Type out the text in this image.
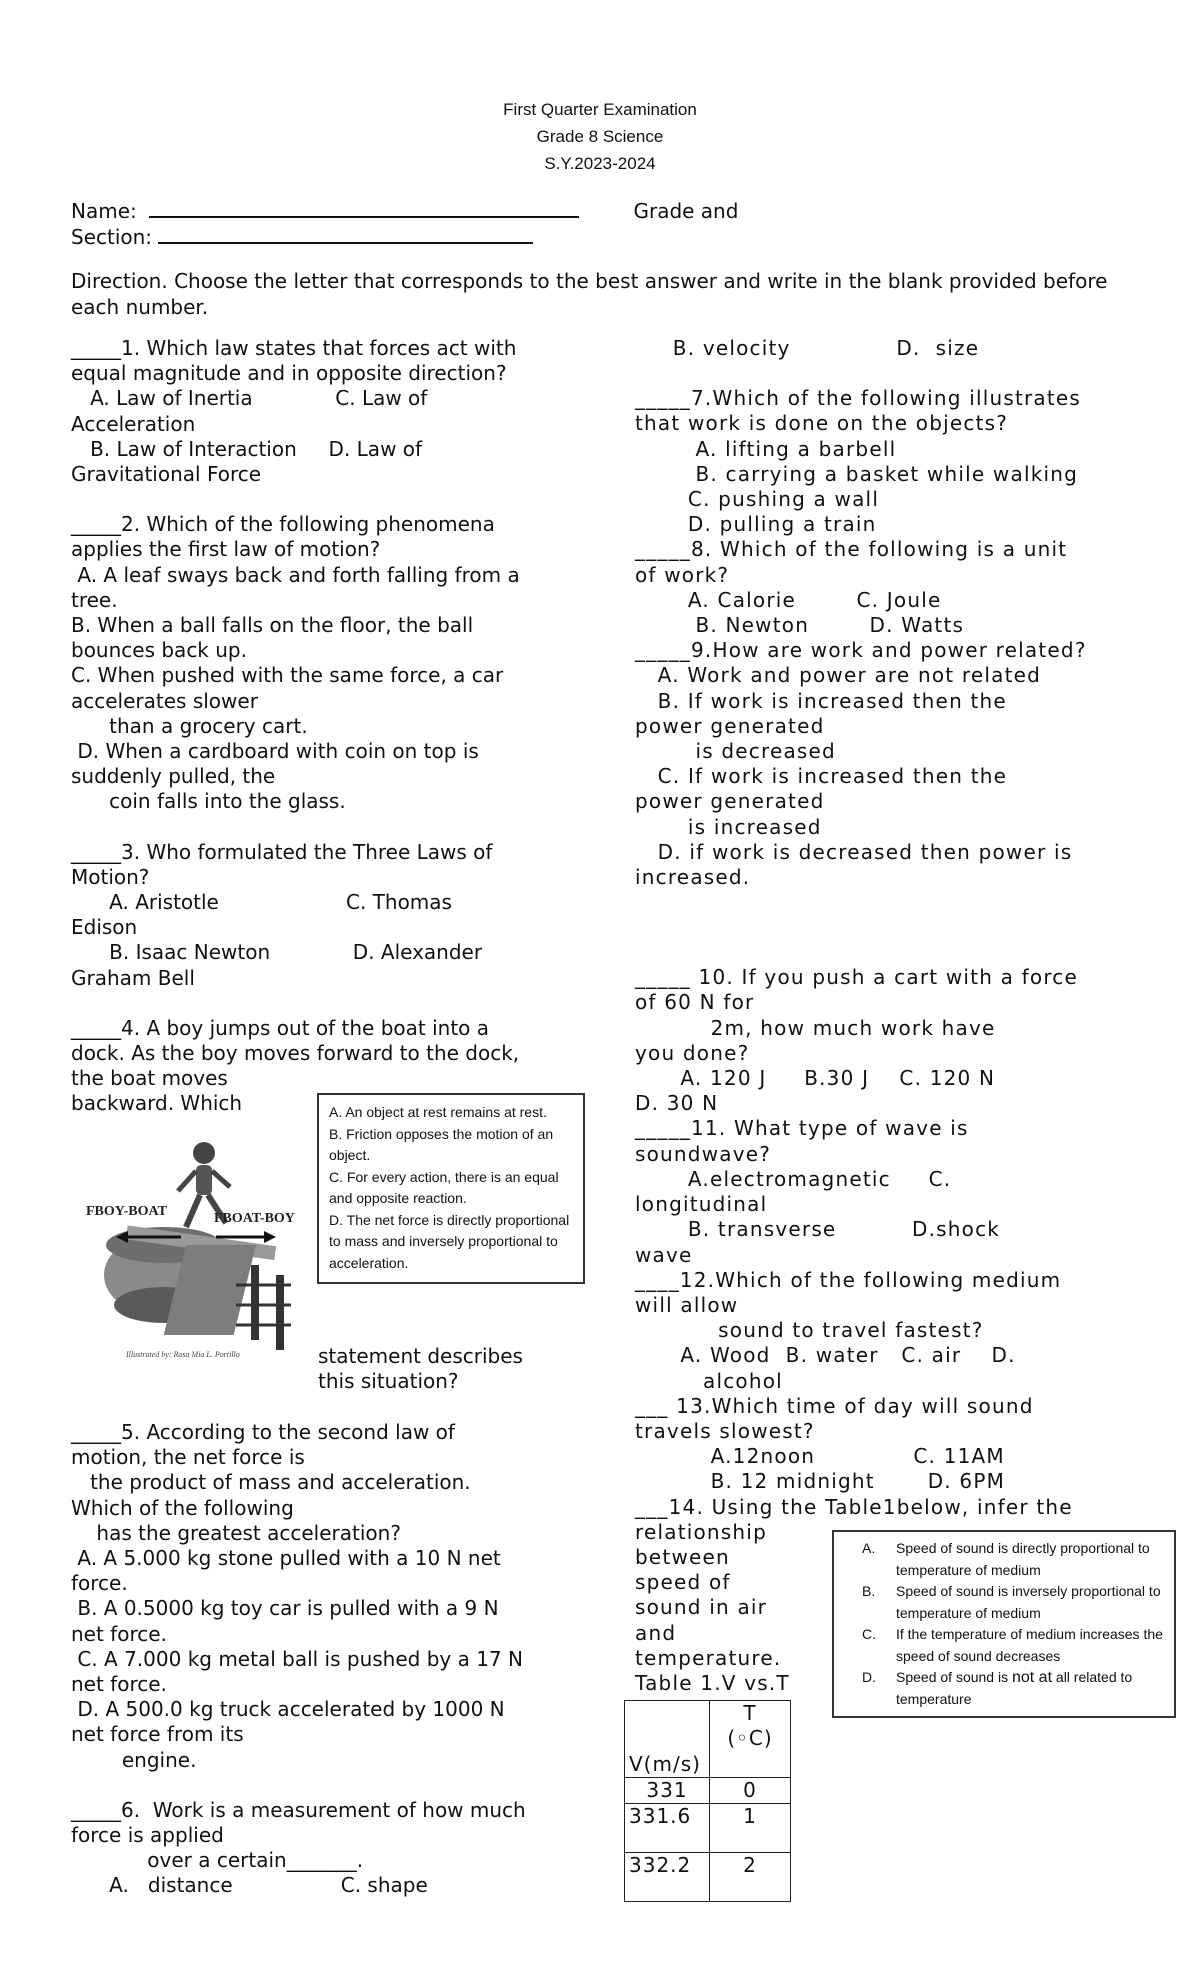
First Quarter Examination
Grade 8 Science
S.Y.2023-2024
Name:	Grade and
Section:
Direction. Choose the letter that corresponds to the best answer and write in the blank provided before each number.
_____1. Which law states that forces act with
equal magnitude and in opposite direction?
A. Law of Inertia             C. Law of
Acceleration
B. Law of Interaction     D. Law of
Gravitational Force
_____2. Which of the following phenomena
applies the first law of motion?
A. A leaf sways back and forth falling from a
tree.
B. When a ball falls on the floor, the ball
bounces back up.
C. When pushed with the same force, a car
accelerates slower
than a grocery cart.
D. When a cardboard with coin on top is
suddenly pulled, the
coin falls into the glass.
_____3. Who formulated the Three Laws of
Motion?
A. Aristotle                    C. Thomas
Edison
B. Isaac Newton             D. Alexander
Graham Bell
_____4. A boy jumps out of the boat into a
dock. As the boy moves forward to the dock,
the boat moves
backward. Which
FBOY-BOAT	FBOAT-BOY
Illustrated by: Rosa Mia L. Portillo

A. An object at rest remains at rest.

B. Friction opposes the motion of an object.

C. For every action, there is an equal and opposite reaction.

D. The net force is directly proportional to mass and inversely proportional to acceleration.

statement describes
this situation?
_____5. According to the second law of
motion, the net force is
the product of mass and acceleration.
Which of the following
has the greatest acceleration?
A. A 5.000 kg stone pulled with a 10 N net
force.
B. A 0.5000 kg toy car is pulled with a 9 N
net force.
C. A 7.000 kg metal ball is pushed by a 17 N
net force.
D. A 500.0 kg truck accelerated by 1000 N
net force from its
engine.
_____6.  Work is a measurement of how much
force is applied
over a certain_______.
A.   distance                 C. shape
B. velocity              D.  size
_____7.Which of the following illustrates
that work is done on the objects?
A. lifting a barbell
B. carrying a basket while walking
C. pushing a wall
D. pulling a train
_____8. Which of the following is a unit
of work?
A. Calorie        C. Joule
B. Newton        D. Watts
_____9.How are work and power related?
A. Work and power are not related
B. If work is increased then the
power generated
is decreased
C. If work is increased then the
power generated
is increased
D. if work is decreased then power is
increased.
_____ 10. If you push a cart with a force
of 60 N for
2m, how much work have
you done?
A. 120 J     B.30 J    C. 120 N
D. 30 N
_____11. What type of wave is
soundwave?
A.electromagnetic     C.
longitudinal
B. transverse          D.shock
wave
____12.Which of the following medium
will allow
sound to travel fastest?
A. Wood  B. water   C. air    D.
alcohol
___ 13.Which time of day will sound
travels slowest?
A.12noon             C. 11AM
B. 12 midnight       D. 6PM
___14. Using the Table1below, infer the
relationship
between
speed of
sound in air
and
temperature.
Table 1.V vs.T
A. Speed of sound is directly proportional to temperature of medium
B. Speed of sound is inversely proportional to temperature of medium
C. If the temperature of medium increases the speed of sound decreases
D. Speed of sound is not at all related to temperature
V(m/s)	T
(◦C)

331	0
331.6	1
332.2	2
